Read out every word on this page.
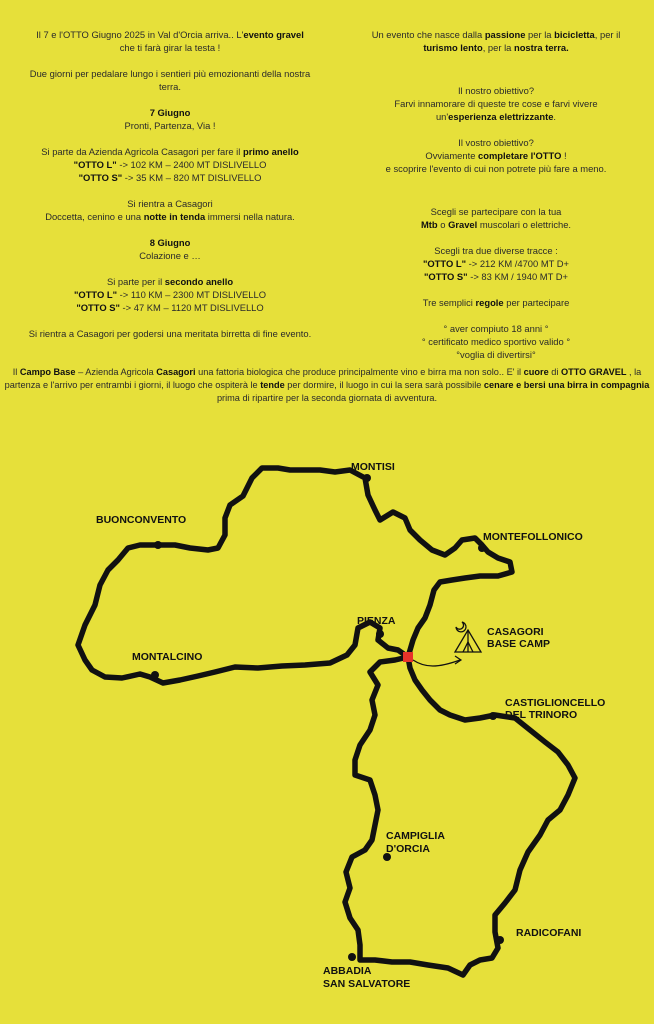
Il 7 e l'OTTO Giugno 2025 in Val d'Orcia arriva.. L'evento gravel
che ti farà girar la testa !

Due giorni per pedalare lungo i sentieri più emozionanti della nostra terra.

7 Giugno
Pronti, Partenza, Via !

Si parte da Azienda Agricola Casagori per fare il primo anello
"OTTO L" -> 102 KM – 2400 MT DISLIVELLO
"OTTO S" -> 35 KM – 820 MT DISLIVELLO

Si rientra a Casagori
Doccetta, cenino e una notte in tenda immersi nella natura.

8 Giugno
Colazione e …

Si parte per il secondo anello
"OTTO L" -> 110 KM – 2300 MT DISLIVELLO
"OTTO S" -> 47 KM – 1120 MT DISLIVELLO

Si rientra a Casagori per godersi una meritata birretta di fine evento.

Un evento che nasce dalla passione per la bicicletta, per il
turismo lento, per la nostra terra.

Il nostro obiettivo?
Farvi innamorare di queste tre cose e farvi vivere
un'esperienza elettrizzante.

Il vostro obiettivo?
Ovviamente completare l'OTTO !
e scoprire l'evento di cui non potrete più fare a meno.

Scegli se partecipare con la tua
Mtb o Gravel muscolari o elettriche.

Scegli tra due diverse tracce :
"OTTO L" -> 212 KM /4700 MT D+
"OTTO S" -> 83 KM / 1940 MT D+

Tre semplici regole per partecipare

° aver compiuto 18 anni °
° certificato medico sportivo valido °
°voglia di divertirsi°

Il Campo Base – Azienda Agricola Casagori una fattoria biologica che produce principalmente vino e birra ma non solo.. E' il cuore di OTTO GRAVEL , la partenza e l'arrivo per entrambi i giorni, il luogo che ospiterà le tende per dormire, il luogo in cui la sera sarà possibile cenare e bersi una birra in compagnia prima di ripartire per la seconda giornata di avventura.
MONTISI
BUONCONVENTO
MONTEFOLLONICO
PIENZA
MONTALCINO
CASTIGLIONCELLO
DEL TRINORO
CAMPIGLIA
D'ORCIA
RADICOFANI
ABBADIA
SAN SALVATORE
CASAGORI
BASE CAMP
